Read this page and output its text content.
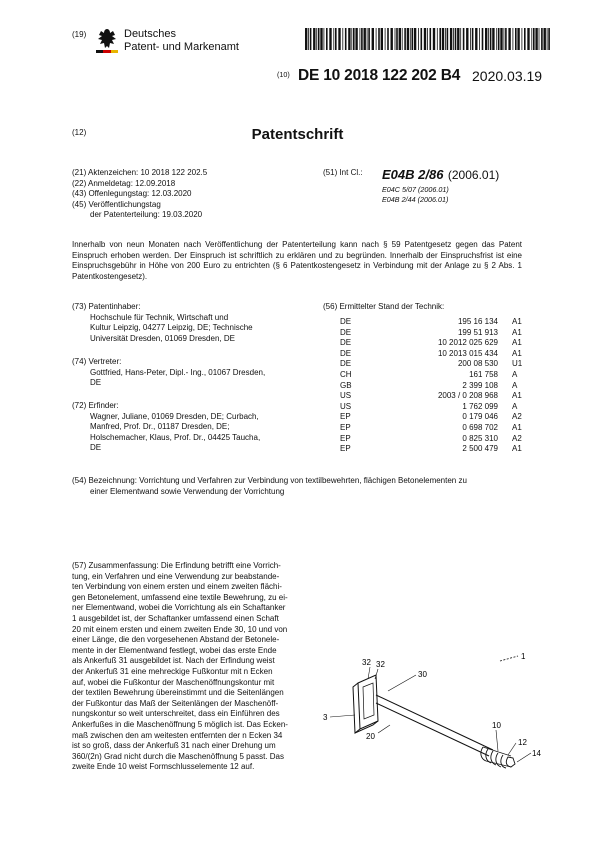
(19)	Deutsches
Patent- und Markenamt
(10) DE 10 2018 122 202 B4 2020.03.19
(12)	Patentschrift
(21) Aktenzeichen: 10 2018 122 202.5
(22) Anmeldetag: 12.09.2018
(43) Offenlegungstag: 12.03.2020
(45) Veröffentlichungstag
der Patenterteilung: 19.03.2020
(51) Int Cl.: E04B 2/86 (2006.01)
E04C 5/07 (2006.01)
E04B 2/44 (2006.01)
Innerhalb von neun Monaten nach Veröffentlichung der Patenterteilung kann nach § 59 Patentgesetz gegen das Patent Einspruch erhoben werden. Der Einspruch ist schriftlich zu erklären und zu begründen. Innerhalb der Einspruchsfrist ist eine Einspruchsgebühr in Höhe von 200 Euro zu entrichten (§ 6 Patentkostengesetz in Verbindung mit der Anlage zu § 2 Abs. 1 Patentkostengesetz).
(73) Patentinhaber:
Hochschule für Technik, Wirtschaft und
Kultur Leipzig, 04277 Leipzig, DE; Technische
Universität Dresden, 01069 Dresden, DE
(74) Vertreter:
Gottfried, Hans-Peter, Dipl.- Ing., 01067 Dresden,
DE
(72) Erfinder:
Wagner, Juliane, 01069 Dresden, DE; Curbach,
Manfred, Prof. Dr., 01187 Dresden, DE;
Holschemacher, Klaus, Prof. Dr., 04425 Taucha,
DE
(56) Ermittelter Stand der Technik:
DE	195 16 134 A1
DE	199 51 913 A1
DE	10 2012 025 629 A1
DE	10 2013 015 434 A1
DE	200 08 530 U1
CH	161 758 A
GB	2 399 108 A
US	2003 / 0 208 968 A1
US	1 762 099 A
EP	0 179 046 A2
EP	0 698 702 A1
EP	0 825 310 A2
EP	2 500 479 A1
(54) Bezeichnung: Vorrichtung und Verfahren zur Verbindung von textilbewehrten, flächigen Betonelementen zu
einer Elementwand sowie Verwendung der Vorrichtung
(57) Zusammenfassung: Die Erfindung betrifft eine Vorrich-
tung, ein Verfahren und eine Verwendung zur beabstande-
ten Verbindung von einem ersten und einem zweiten flächi-
gen Betonelement, umfassend eine textile Bewehrung, zu ei-
ner Elementwand, wobei die Vorrichtung als ein Schaftanker
1 ausgebildet ist, der Schaftanker umfassend einen Schaft
20 mit einem ersten und einem zweiten Ende 30, 10 und von
einer Länge, die den vorgesehenen Abstand der Betonele-
mente in der Elementwand festlegt, wobei das erste Ende
als Ankerfuß 31 ausgebildet ist. Nach der Erfindung weist
der Ankerfuß 31 eine mehreckige Fußkontur mit n Ecken
auf, wobei die Fußkontur der Maschenöffnungskontur mit
der textilen Bewehrung übereinstimmt und die Seitenlängen
der Fußkontur das Maß der Seitenlängen der Maschenöff-
nungskontur so weit unterschreitet, dass ein Einführen des
Ankerfußes in die Maschenöffnung 5 möglich ist. Das Ecken-
maß zwischen den am weitesten entfernten der n Ecken 34
ist so groß, dass der Ankerfuß 31 nach einer Drehung um
360/(2n) Grad nicht durch die Maschenöffnung 5 passt. Das
zweite Ende 10 weist Formschlusselemente 12 auf.
1
3
32 32
30
20
10
12
14
